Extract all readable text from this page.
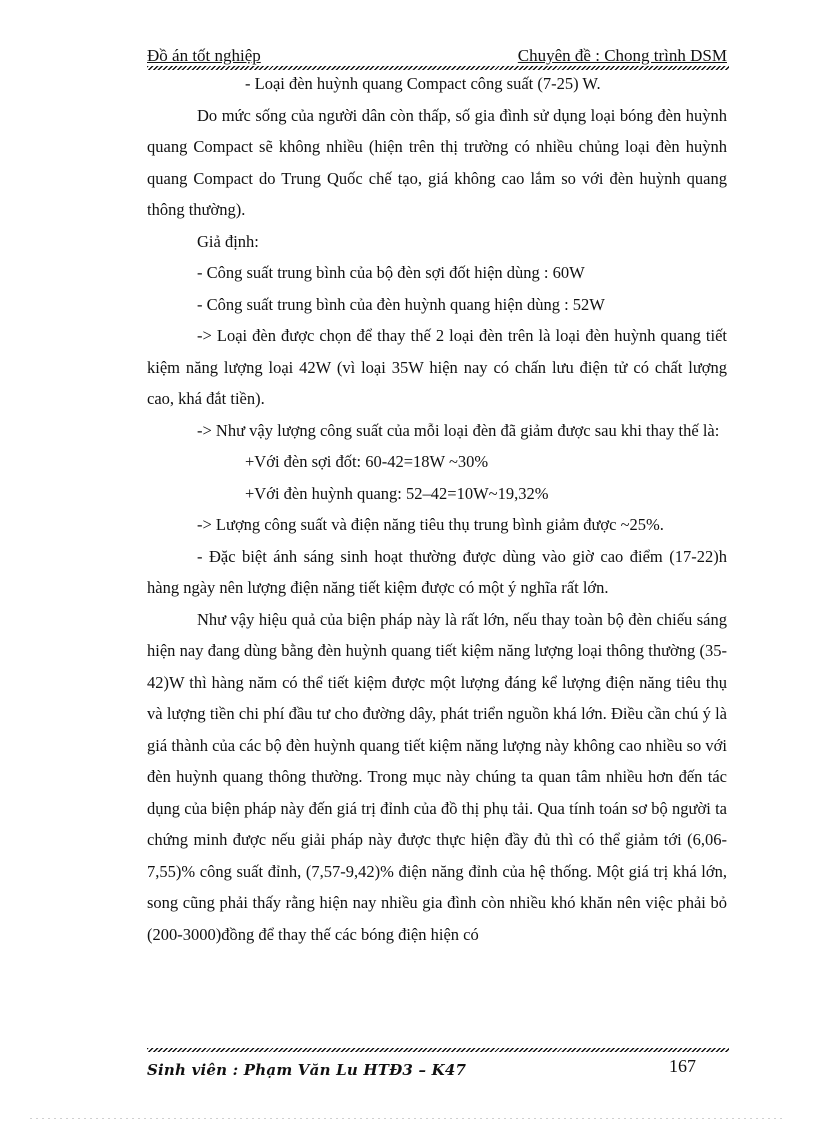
Đồ án tốt nghiệp	Chuyên đề : Chong trình DSM

- Loại đèn huỳnh quang Compact công suất (7-25) W.

Do mức sống của người dân còn thấp, số gia đình sử dụng loại bóng đèn huỳnh quang Compact sẽ không nhiều (hiện trên thị trường có nhiều chủng loại đèn huỳnh quang Compact do Trung Quốc chế tạo, giá không cao lắm so với đèn huỳnh quang thông thường).

Giả định:

- Công suất trung bình của bộ đèn sợi đốt hiện dùng : 60W

- Công suất trung bình của đèn huỳnh quang hiện dùng : 52W

-> Loại đèn được chọn để thay thế 2 loại đèn trên là loại đèn huỳnh quang tiết kiệm năng lượng loại 42W (vì loại 35W hiện nay có chấn lưu điện tử có chất lượng cao, khá đắt tiền).

-> Như vậy lượng công suất của mỗi loại đèn đã giảm được sau khi thay thế là:

+Với đèn sợi đốt: 60-42=18W ~30%

+Với đèn huỳnh quang: 52–42=10W~19,32%

-> Lượng công suất và điện năng tiêu thụ trung bình giảm được ~25%.

- Đặc biệt ánh sáng sinh hoạt thường được dùng vào giờ cao điểm (17-22)h hàng ngày nên lượng điện năng tiết kiệm được có một ý nghĩa rất lớn.

Như vậy hiệu quả của biện pháp này là rất lớn, nếu thay toàn bộ đèn chiếu sáng hiện nay đang dùng bằng đèn huỳnh quang tiết kiệm năng lượng loại thông thường (35-42)W thì hàng năm có thể tiết kiệm được một lượng đáng kể lượng điện năng tiêu thụ và lượng tiền chi phí đầu tư cho đường dây, phát triển nguồn khá lớn. Điều cần chú ý là giá thành của các bộ đèn huỳnh quang tiết kiệm năng lượng này không cao nhiều so với đèn huỳnh quang thông thường. Trong mục này chúng ta quan tâm nhiều hơn đến tác dụng của biện pháp này đến giá trị đỉnh của đồ thị phụ tải. Qua tính toán sơ bộ người ta chứng minh được nếu giải pháp này được thực hiện đầy đủ thì có thể giảm tới (6,06-7,55)% công suất đỉnh, (7,57-9,42)% điện năng đỉnh của hệ thống. Một giá trị khá lớn, song cũng phải thấy rằng hiện nay nhiều gia đình còn nhiều khó khăn nên việc phải bỏ (200-3000)đồng để thay thế các bóng điện hiện có

Sinh viên : Phạm Văn Lu HTĐ3 – K47	167
